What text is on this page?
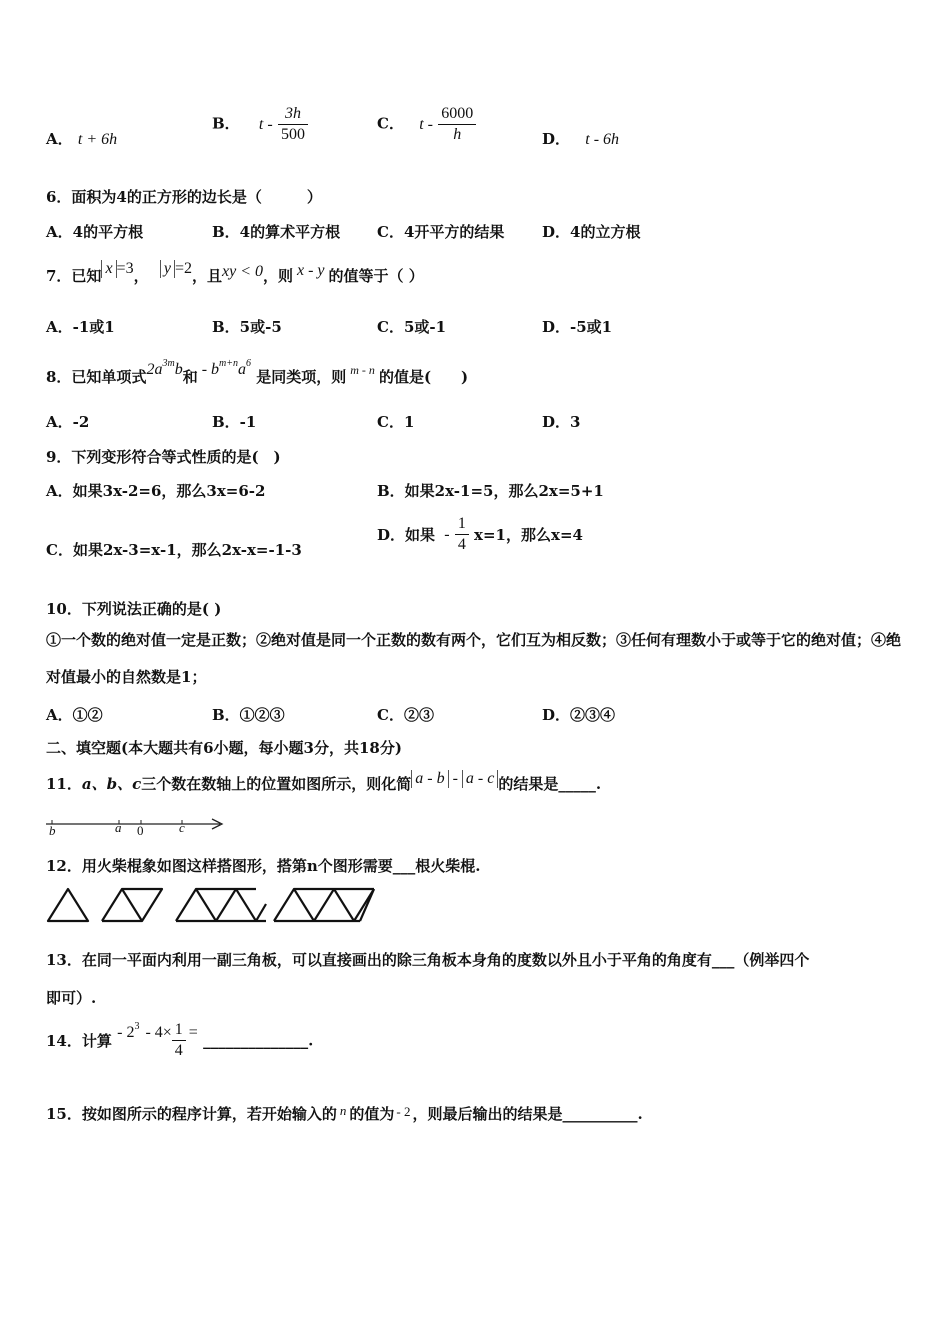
A． t + 6h
B． t - $\frac{3h}{500}$	C． t - $\frac{6000}{h}$	D． t - 6h
6．面积为4的正方形的边长是（　　　）
A．4的平方根	B．4的算术平方根 C．4开平方的结果	D．4的立方根
7．已知 x =3， y =2，且xy < 0，则 x - y 的值等于（ ）
A．-1或1	B．5或-5	C．5或-1	D．-5或1
8．已知单项式$2a^{3m}b$和 - $b^{m+n}a^6$ 是同类项，则 $^{m - n}$ 的值是(　　)
A．-2	B．-1	C．1	D．3
9．下列变形符合等式性质的是(　)
A．如果3x-2=6，那么3x=6-2	B．如果2x-1=5，那么2x=5+1
C．如果2x-3=x-1，那么2x-x=-1-3
D．如果 - $\frac{1}{4} x=1$，那么x=4
10．下列说法正确的是( )
①一个数的绝对值一定是正数；②绝对值是同一个正数的数有两个，它们互为相反数；③任何有理数小于或等于它的绝对值；④绝对值最小的自然数是1；
A．①②	B．①②③	C．②③	D．②③④
二、填空题(本大题共有6小题，每小题3分，共18分)
11．a、b、c三个数在数轴上的位置如图所示，则化简 a - b - a - c 的结果是_____.
b	a 0	c
12．用火柴棍象如图这样搭图形，搭第n个图形需要___根火柴棍.
13．在同一平面内利用一副三角板，可以直接画出的除三角板本身角的度数以外且小于平角的角度有___（例举四个
即可）.
14．计算 - $2^3 - 4\times \frac{1}{4}$ = ______________.
15．按如图所示的程序计算，若开始输入的 n 的值为 - 2 ，则最后输出的结果是__________.
